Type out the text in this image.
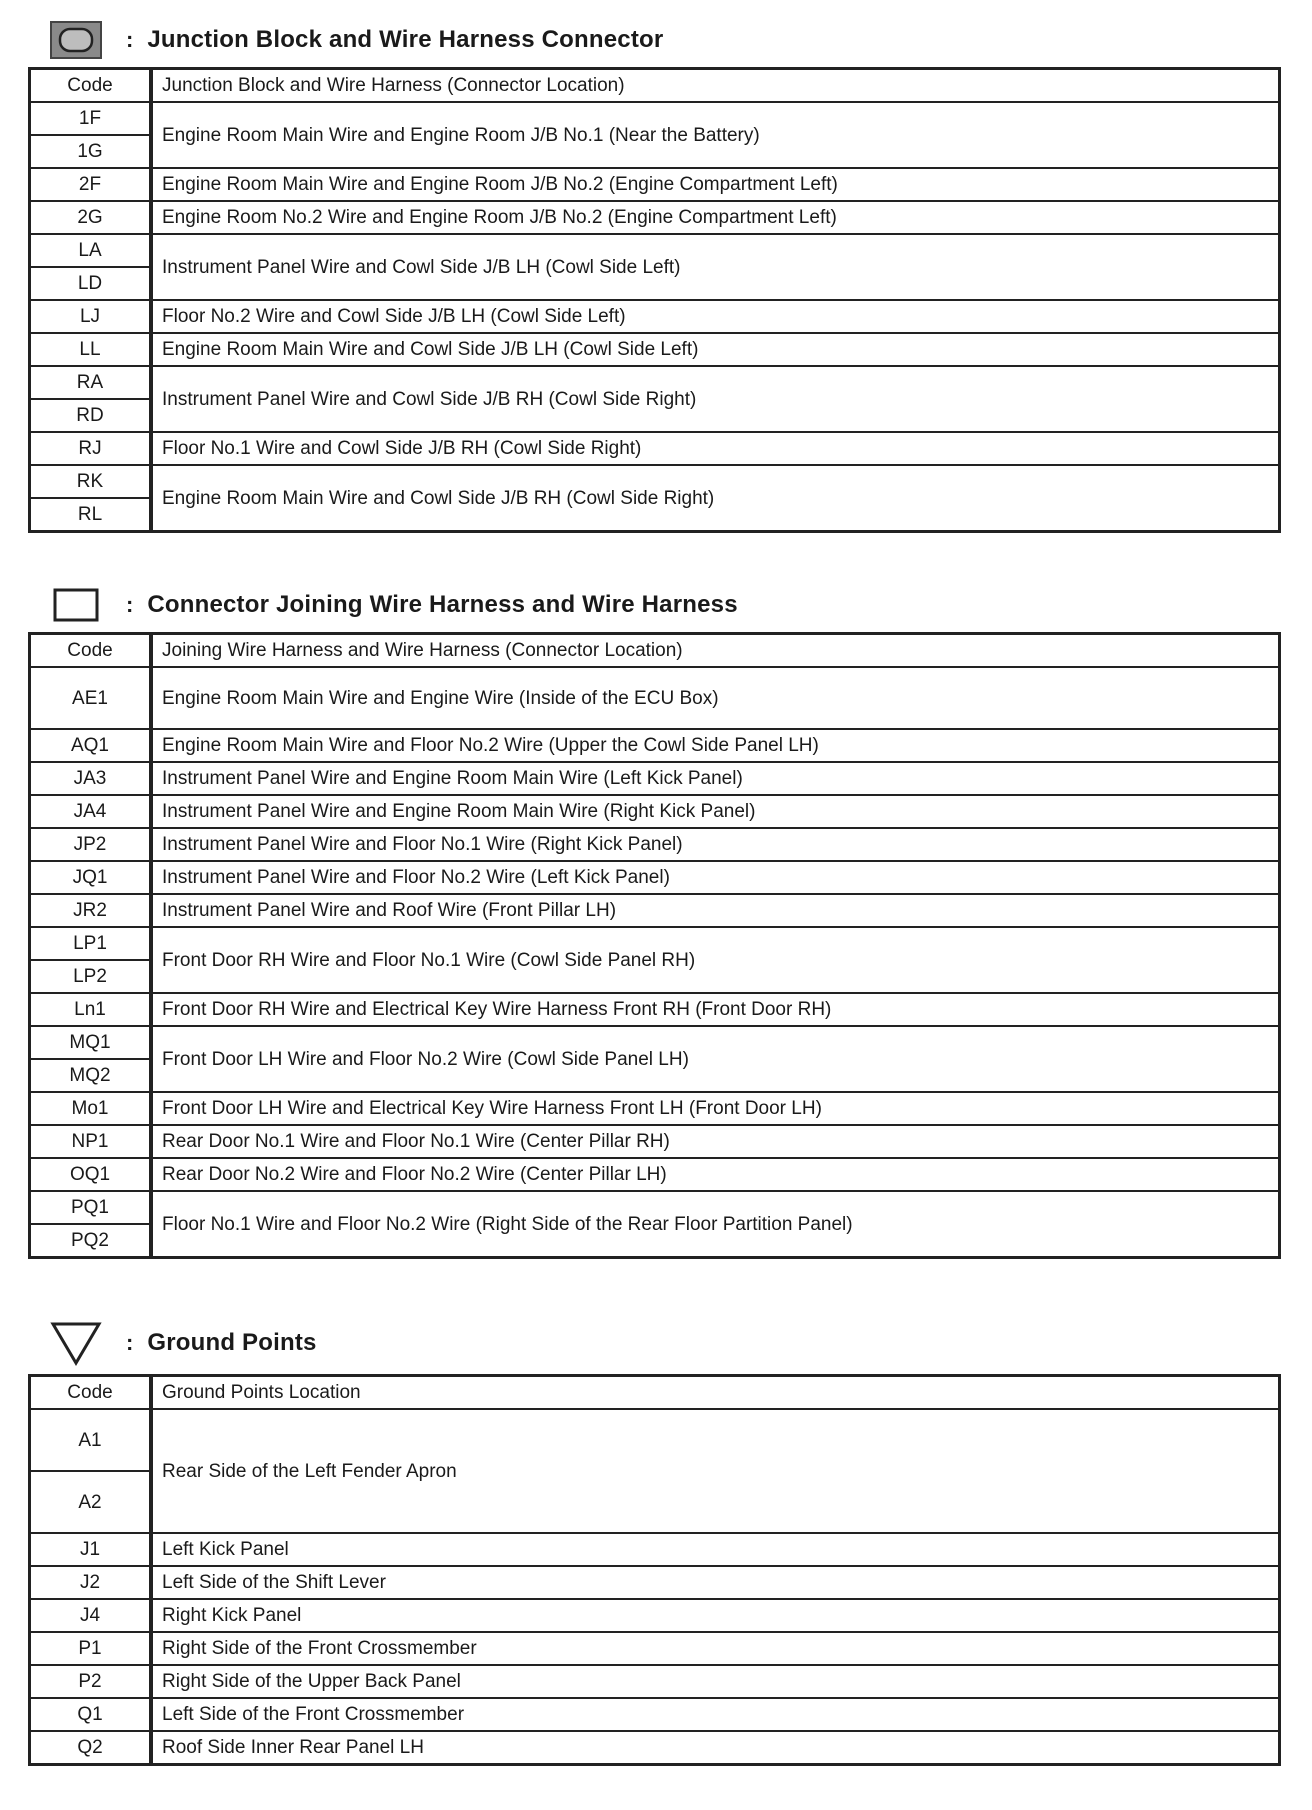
: Junction Block and Wire Harness Connector
Code	Junction Block and Wire Harness (Connector Location)
1F	Engine Room Main Wire and Engine Room J/B No.1 (Near the Battery)
1G	
2F	Engine Room Main Wire and Engine Room J/B No.2 (Engine Compartment Left)
2G	Engine Room No.2 Wire and Engine Room J/B No.2 (Engine Compartment Left)
LA	Instrument Panel Wire and Cowl Side J/B LH (Cowl Side Left)
LD	
LJ	Floor No.2 Wire and Cowl Side J/B LH (Cowl Side Left)
LL	Engine Room Main Wire and Cowl Side J/B LH (Cowl Side Left)
RA	Instrument Panel Wire and Cowl Side J/B RH (Cowl Side Right)
RD	
RJ	Floor No.1 Wire and Cowl Side J/B RH (Cowl Side Right)
RK	Engine Room Main Wire and Cowl Side J/B RH (Cowl Side Right)
RL	
: Connector Joining Wire Harness and Wire Harness
Code	Joining Wire Harness and Wire Harness (Connector Location)
AE1	Engine Room Main Wire and Engine Wire (Inside of the ECU Box)
AQ1	Engine Room Main Wire and Floor No.2 Wire (Upper the Cowl Side Panel LH)
JA3	Instrument Panel Wire and Engine Room Main Wire (Left Kick Panel)
JA4	Instrument Panel Wire and Engine Room Main Wire (Right Kick Panel)
JP2	Instrument Panel Wire and Floor No.1 Wire (Right Kick Panel)
JQ1	Instrument Panel Wire and Floor No.2 Wire (Left Kick Panel)
JR2	Instrument Panel Wire and Roof Wire (Front Pillar LH)
LP1	Front Door RH Wire and Floor No.1 Wire (Cowl Side Panel RH)
LP2	
Ln1	Front Door RH Wire and Electrical Key Wire Harness Front RH (Front Door RH)
MQ1	Front Door LH Wire and Floor No.2 Wire (Cowl Side Panel LH)
MQ2	
Mo1	Front Door LH Wire and Electrical Key Wire Harness Front LH (Front Door LH)
NP1	Rear Door No.1 Wire and Floor No.1 Wire (Center Pillar RH)
OQ1	Rear Door No.2 Wire and Floor No.2 Wire (Center Pillar LH)
PQ1	Floor No.1 Wire and Floor No.2 Wire (Right Side of the Rear Floor Partition Panel)
PQ2	
: Ground Points
Code	Ground Points Location
A1	Rear Side of the Left Fender Apron
A2	
J1	Left Kick Panel
J2	Left Side of the Shift Lever
J4	Right Kick Panel
P1	Right Side of the Front Crossmember
P2	Right Side of the Upper Back Panel
Q1	Left Side of the Front Crossmember
Q2	Roof Side Inner Rear Panel LH
